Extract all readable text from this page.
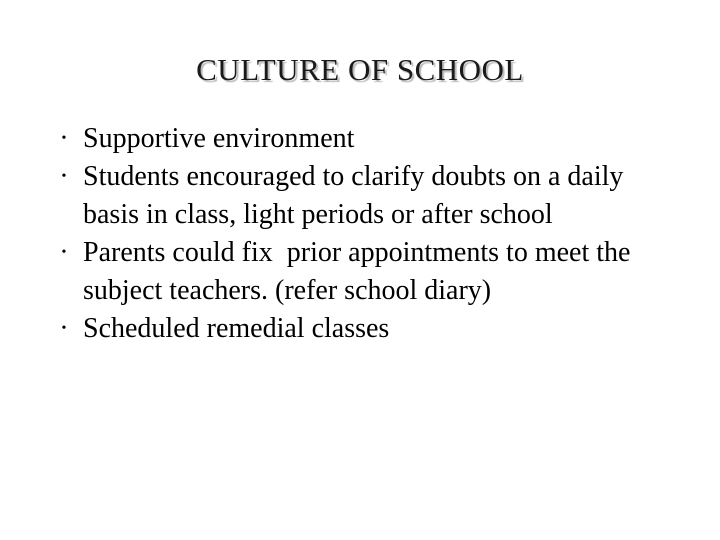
CULTURE OF SCHOOL
• Supportive environment
• Students encouraged to clarify doubts on a daily basis in class, light periods or after school
• Parents could fix  prior appointments to meet the subject teachers. (refer school diary)
• Scheduled remedial classes
